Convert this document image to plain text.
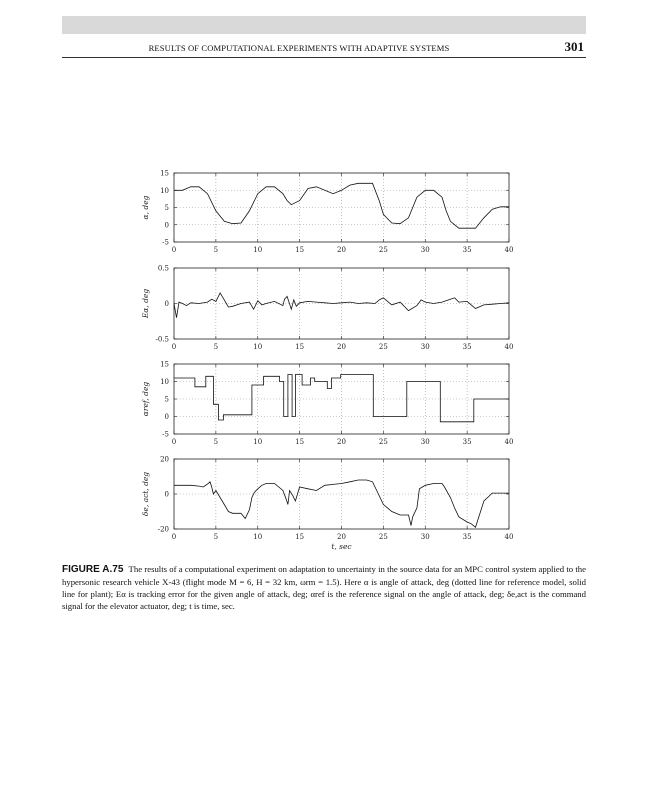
RESULTS OF COMPUTATIONAL EXPERIMENTS WITH ADAPTIVE SYSTEMS	301
0	5	10	15	20	25	30	35	40
15
10
5
0
-5
α, deg
0	5	10	15	20	25	30	35	40
0.5
0
-0.5
Eα, deg
0	5	10	15	20	25	30	35	40
15
10
5
0
-5
αref, deg
0	5	10	15	20	25	30	35	40
20
0
-20
δe, act, deg
t, sec
FIGURE A.75 The results of a computational experiment on adaptation to uncertainty in the source data for an MPC control system applied to the hypersonic research vehicle X-43 (flight mode M = 6, H = 32 km, ωrm = 1.5). Here α is angle of attack, deg (dotted line for reference model, solid line for plant); Eα is tracking error for the given angle of attack, deg; αref is the reference signal on the angle of attack, deg; δe,act is the command signal for the elevator actuator, deg; t is time, sec.
